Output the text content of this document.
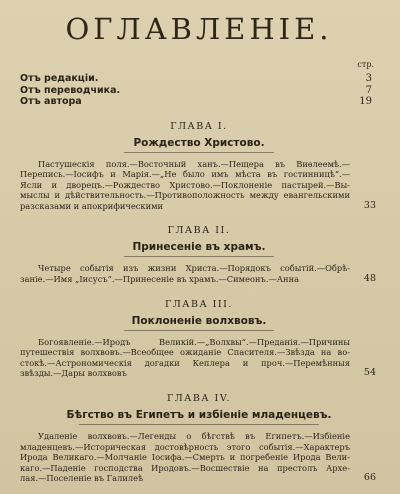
ОГЛАВЛЕНІЕ.
стр.
Отъ редакціи.	3
Отъ переводчика.	7
Отъ автора	19
ГЛАВА I.
Рождество Христово.

Пастушескія поля.—Восточный ханъ.—Пещера въ Виѳлеемѣ.—

Перепись.—Іосифъ и Марія.—„Не было имъ мѣста въ гостинницѣ“.—

Ясли и дворецъ.—Рождество Христово.—Поклоненіе пастырей.—Вы-

мыслы и дѣйствительность.—Противоположность между евангельскими

разсказами и апокрифическими	33
ГЛАВА II.
Принесеніе въ храмъ.

Четыре событія изъ жизни Христа.—Порядокъ событій.—Обрѣ-

заніе.—Имя „Іисусъ“.—Принесеніе въ храмъ.—Симеонъ.—Анна	48
ГЛАВА III.
Поклоненіе волхвовъ.

Богоявленіе.—Иродъ Великій.—„Волхвы“.—Преданія.—Причины

путешествія волхвовъ.—Всеобщее ожиданіе Спасителя.—Звѣзда на во-

стокѣ.—Астрономическія догадки Кеплера и проч.—Перемѣнныя

звѣзды.—Дары волхвовъ	54
ГЛАВА IV.
Бѣгство въ Египетъ и избіеніе младенцевъ.

Удаленіе волхвовъ.—Легенды о бѣгствѣ въ Египетъ.—Избіеніе

младенцевъ.—Историческая достовѣрность этого событія.—Характеръ

Ирода Великаго.—Молчаніе Іосифа.—Смерть и погребеніе Ирода Вели-

каго.—Паденіе господства Иродовъ.—Восшествіе на престолъ Архе-

лая.—Поселеніе въ Галилеѣ	66
